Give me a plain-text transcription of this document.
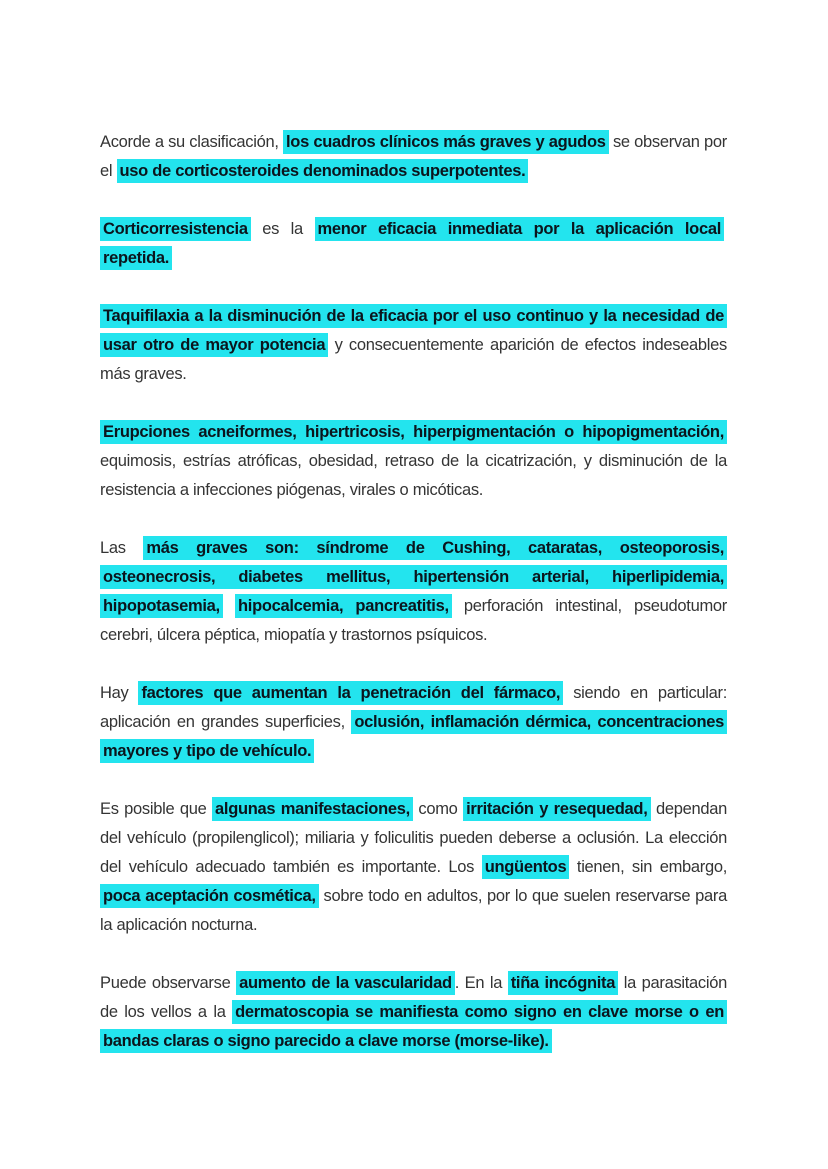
Acorde a su clasificación, los cuadros clínicos más graves y agudos se observan por el uso de corticosteroides denominados superpotentes.

Corticorresistencia es la menor eficacia inmediata por la aplicación local repetida.

Taquifilaxia a la disminución de la eficacia por el uso continuo y la necesidad de usar otro de mayor potencia y consecuentemente aparición de efectos indeseables más graves.

Erupciones acneiformes, hipertricosis, hiperpigmentación o hipopigmentación, equimosis, estrías atróficas, obesidad, retraso de la cicatrización, y disminución de la resistencia a infecciones piógenas, virales o micóticas.

Las más graves son: síndrome de Cushing, cataratas, osteoporosis, osteonecrosis, diabetes mellitus, hipertensión arterial, hiperlipidemia, hipopotasemia, hipocalcemia, pancreatitis, perforación intestinal, pseudotumor cerebri, úlcera péptica, miopatía y trastornos psíquicos.

Hay factores que aumentan la penetración del fármaco, siendo en particular: aplicación en grandes superficies, oclusión, inflamación dérmica, concentraciones mayores y tipo de vehículo.

Es posible que algunas manifestaciones, como irritación y resequedad, dependan del vehículo (propilenglicol); miliaria y foliculitis pueden deberse a oclusión. La elección del vehículo adecuado también es importante. Los ungüentos tienen, sin embargo, poca aceptación cosmética, sobre todo en adultos, por lo que suelen reservarse para la aplicación nocturna.

Puede observarse aumento de la vascularidad . En la tiña incógnita la parasitación de los vellos a la dermatoscopia se manifiesta como signo en clave morse o en bandas claras o signo parecido a clave morse (morse-like).
